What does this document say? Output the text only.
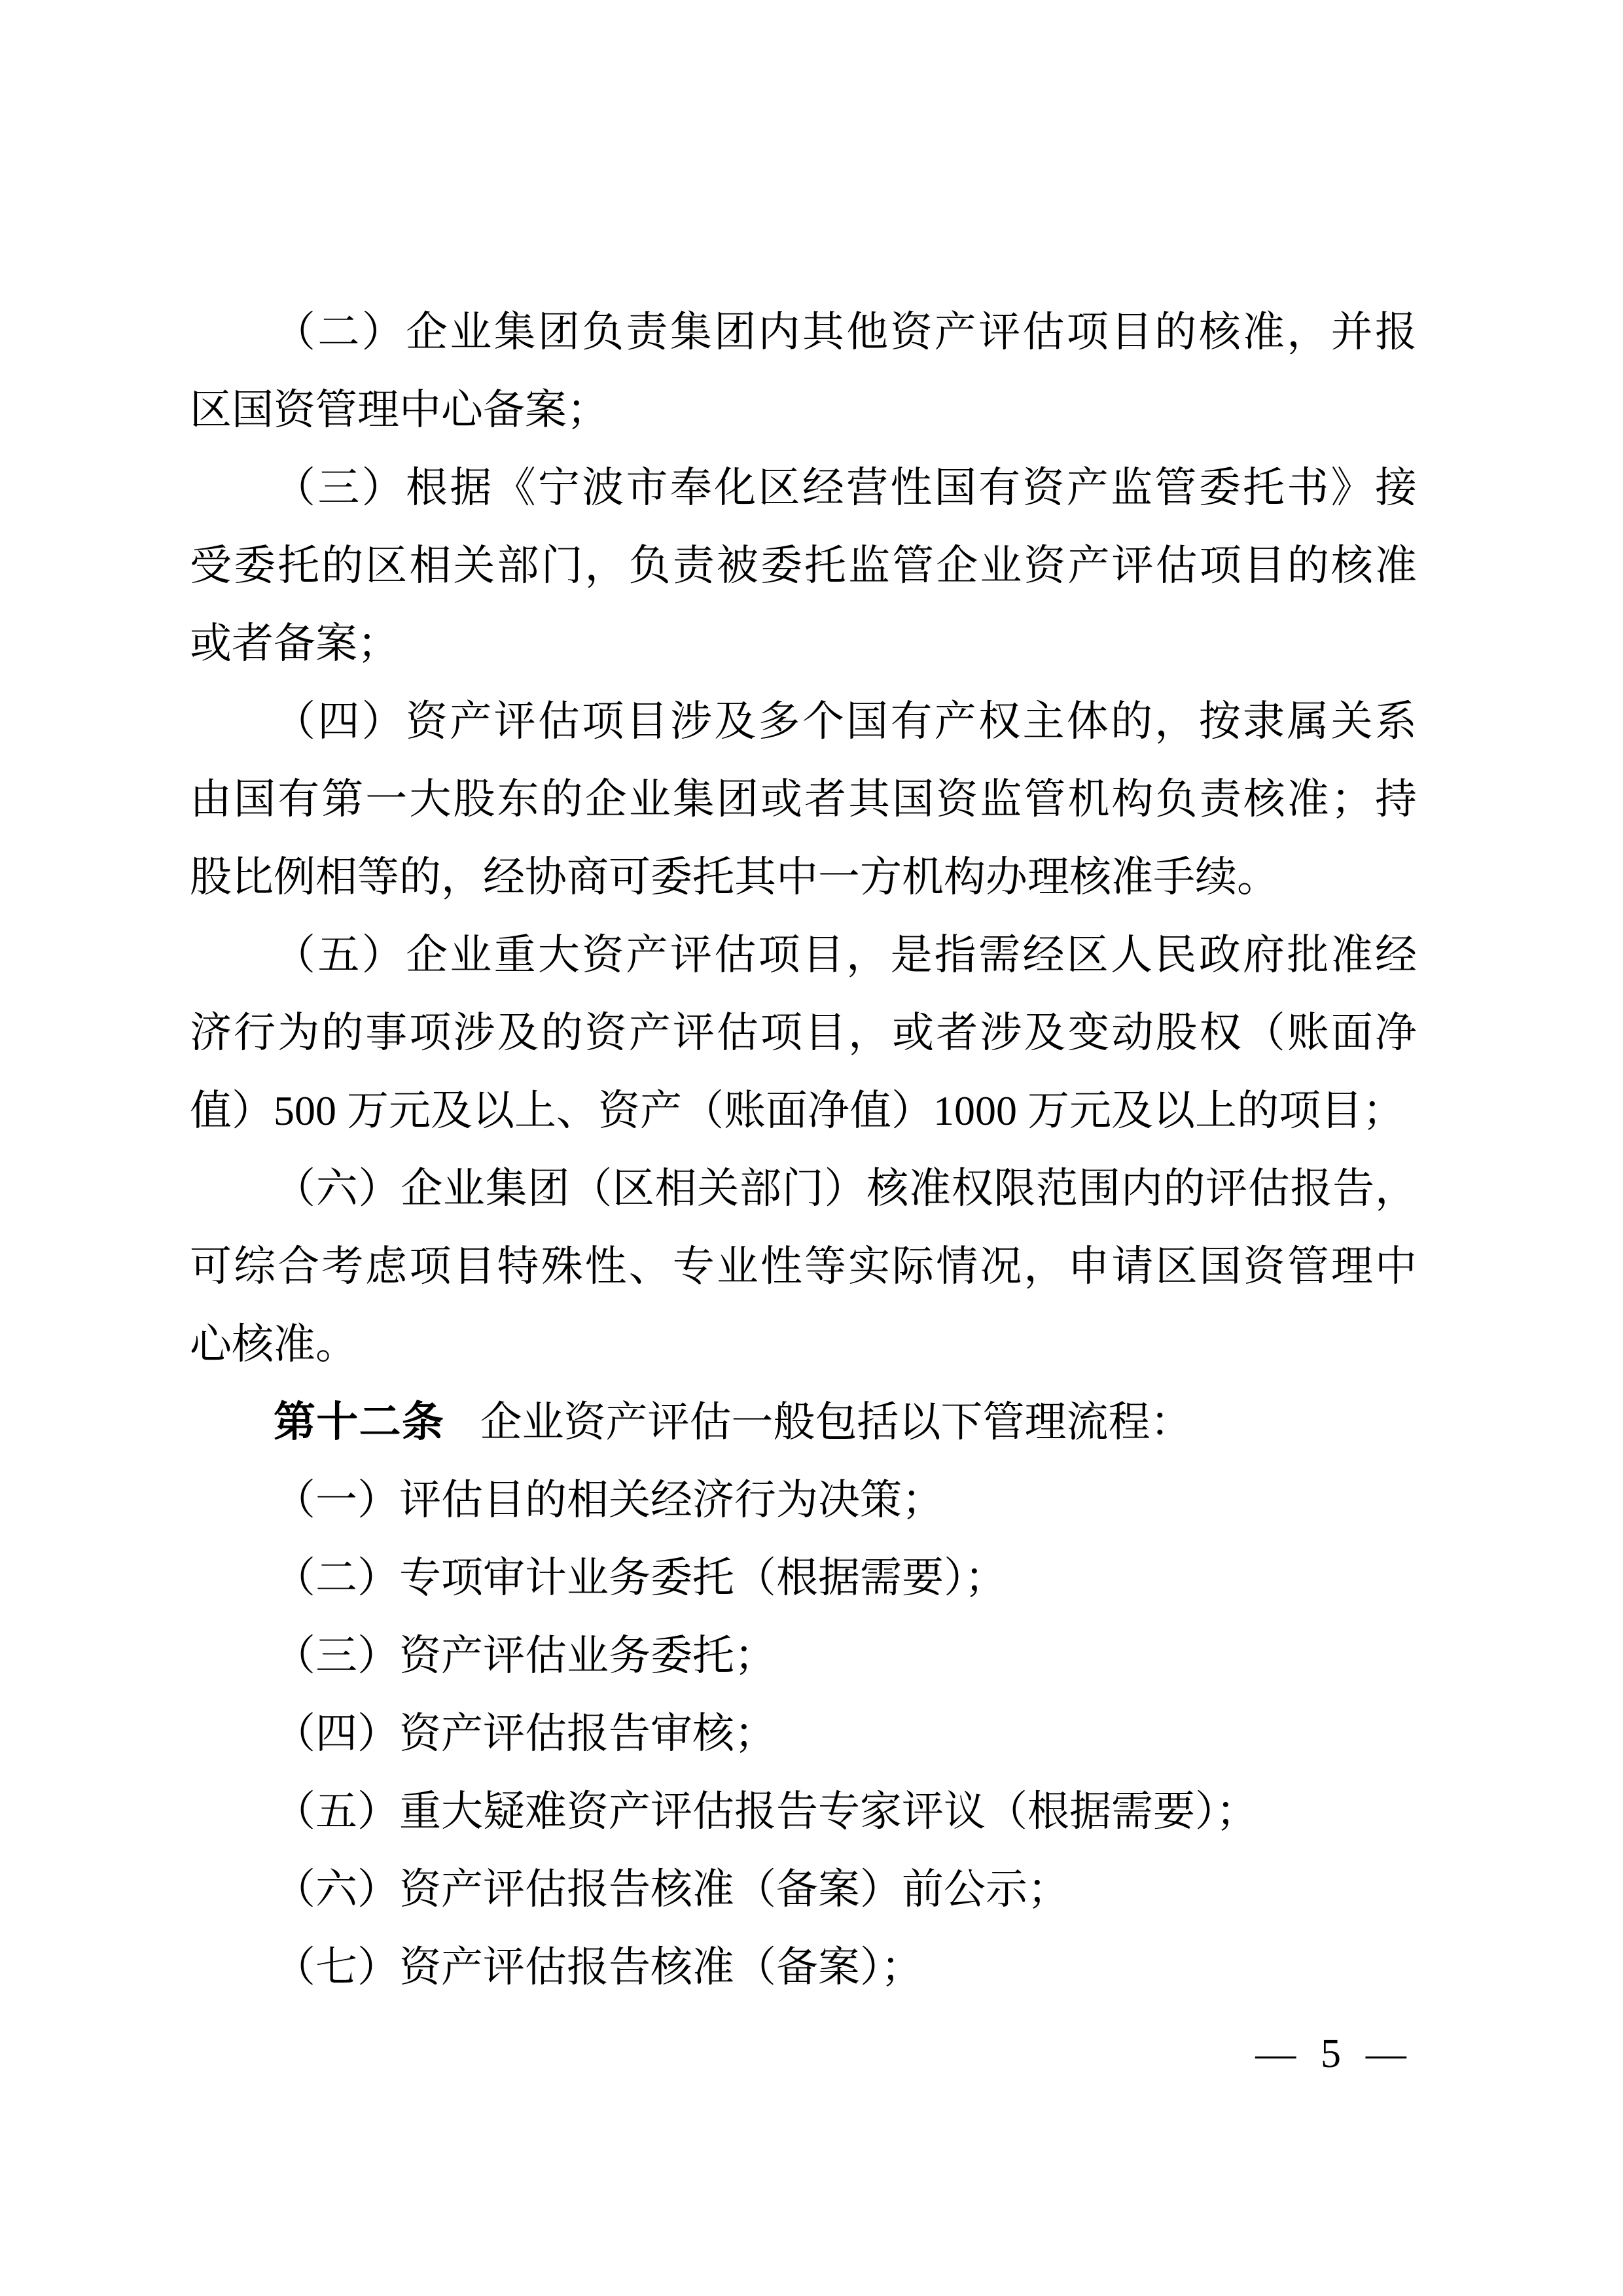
（二）企业集团负责集团内其他资产评估项目的核准，并报
区国资管理中心备案；
（三）根据《宁波市奉化区经营性国有资产监管委托书》接
受委托的区相关部门，负责被委托监管企业资产评估项目的核准
或者备案；
（四）资产评估项目涉及多个国有产权主体的，按隶属关系
由国有第一大股东的企业集团或者其国资监管机构负责核准；持
股比例相等的，经协商可委托其中一方机构办理核准手续。
（五）企业重大资产评估项目，是指需经区人民政府批准经
济行为的事项涉及的资产评估项目，或者涉及变动股权（账面净
值）500 万元及以上、资产（账面净值）1000 万元及以上的项目；
（六）企业集团（区相关部门）核准权限范围内的评估报告，
可综合考虑项目特殊性、专业性等实际情况，申请区国资管理中
心核准。
第十二条 企业资产评估一般包括以下管理流程：
（一）评估目的相关经济行为决策；
（二）专项审计业务委托（根据需要）；
（三）资产评估业务委托；
（四）资产评估报告审核；
（五）重大疑难资产评估报告专家评议（根据需要）；
（六）资产评估报告核准（备案）前公示；
（七）资产评估报告核准（备案）；
— 5 —
